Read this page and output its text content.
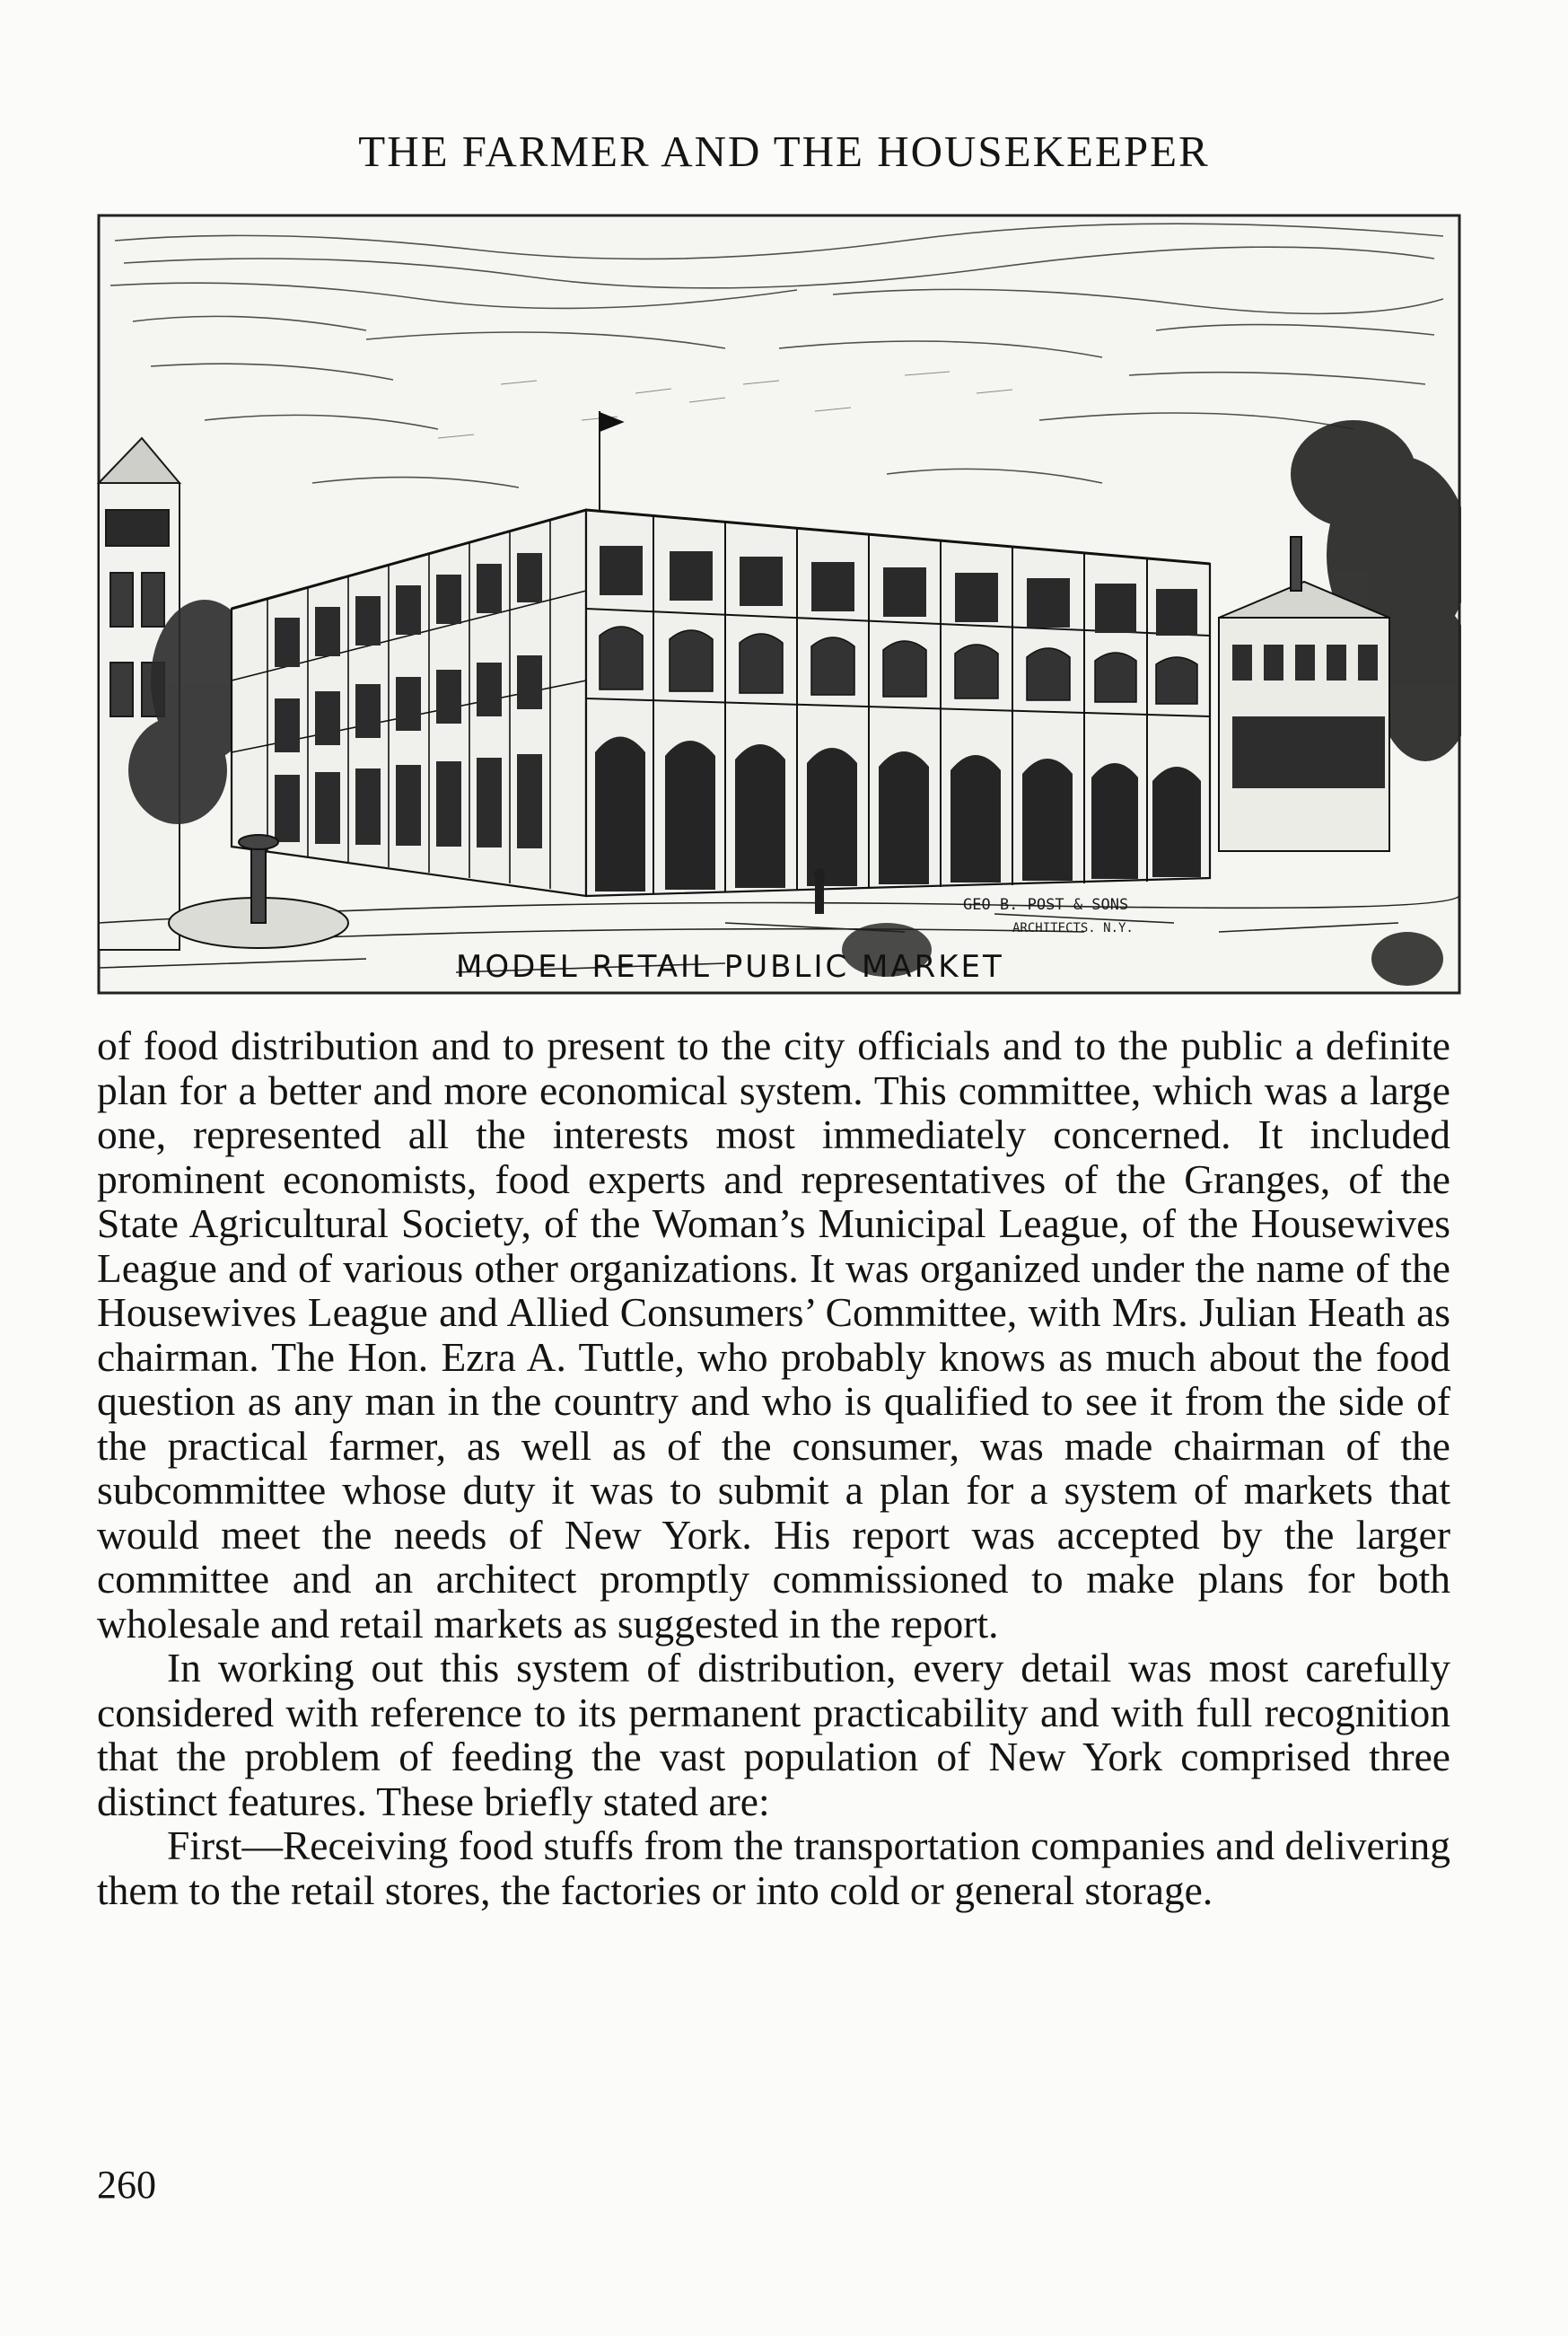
THE FARMER AND THE HOUSEKEEPER
GEO B. POST & SONS
ARCHITECTS. N.Y.
MODEL RETAIL PUBLIC MARKET

of food distribution and to present to the city officials and to the public a definite plan for a better and more economical system. This committee, which was a large one, represented all the interests most immediately concerned. It included prominent economists, food experts and representatives of the Granges, of the State Agricultural Society, of the Woman’s Municipal League, of the Housewives League and of various other organizations. It was organized under the name of the Housewives League and Allied Consumers’ Committee, with Mrs. Julian Heath as chairman. The Hon. Ezra A. Tuttle, who probably knows as much about the food question as any man in the country and who is qualified to see it from the side of the practical farmer, as well as of the consumer, was made chairman of the subcommittee whose duty it was to submit a plan for a system of markets that would meet the needs of New York. His report was accepted by the larger committee and an architect promptly commissioned to make plans for both wholesale and retail markets as suggested in the report.

In working out this system of distribution, every detail was most carefully considered with reference to its permanent practicability and with full recognition that the problem of feeding the vast population of New York comprised three distinct features. These briefly stated are:

First—Receiving food stuffs from the transportation companies and delivering them to the retail stores, the factories or into cold or general storage.

260
